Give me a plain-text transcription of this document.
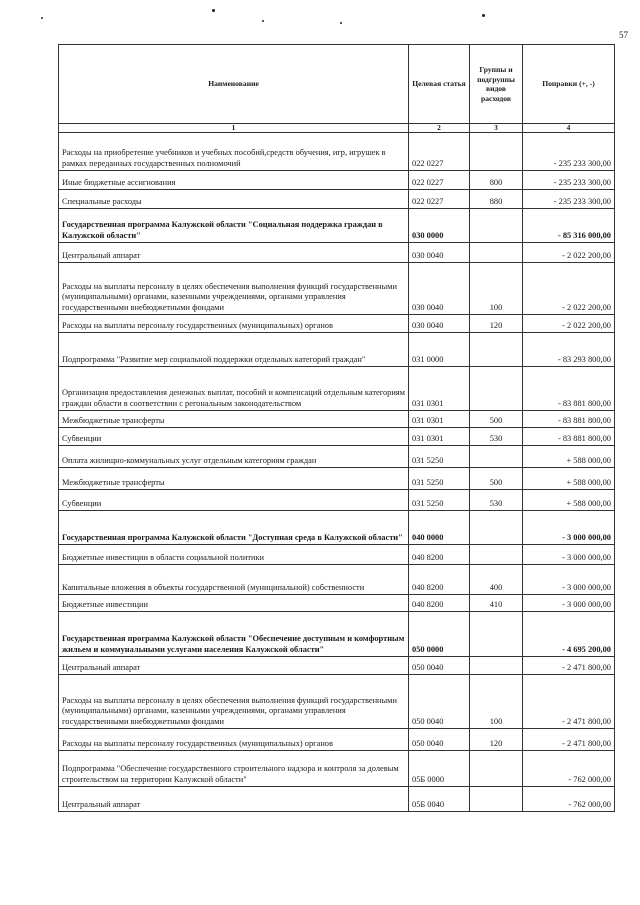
57
Наименование	Целевая статья	Группы и подгруппы видов расходов	Поправки (+, -)
1	2	3	4
Расходы на приобретение учебников и учебных пособий,средств обучения, игр, игрушек в рамках переданных государственных полномочий	022 0227		- 235 233 300,00
Иные бюджетные ассигнования	022 0227	800	- 235 233 300,00
Специальные расходы	022 0227	880	- 235 233 300,00
Государственная программа Калужской области "Социальная поддержка граждан в Калужской области"	030 0000		- 85 316 000,00
Центральный аппарат	030 0040		- 2 022 200,00
Расходы на выплаты персоналу в целях обеспечения выполнения функций государственными (муниципальными) органами, казенными учреждениями, органами управления государственными внебюджетными фондами	030 0040	100	- 2 022 200,00
Расходы на выплаты персоналу государственных (муниципальных) органов	030 0040	120	- 2 022 200,00
Подпрограмма "Развитие мер социальной поддержки отдельных категорий граждан"	031 0000		- 83 293 800,00
Организация предоставления денежных выплат, пособий и компенсаций отдельным категориям граждан области в соответствии с регональным законодательством	031 0301		- 83 881 800,00
Межбюджетные трансферты	031 0301	500	- 83 881 800,00
Субвенции	031 0301	530	- 83 881 800,00
Оплата жилищно-коммунальных услуг отдельным категориям граждан	031 5250		+ 588 000,00
Межбюджетные трансферты	031 5250	500	+ 588 000,00
Субвенции	031 5250	530	+ 588 000,00
Государственная программа Калужской области "Доступная среда в Калужской области"	040 0000		- 3 000 000,00
Бюджетные инвестиции в области социальной политики	040 8200		- 3 000 000,00
Капитальные вложения в объекты государственной (муниципальной) собственности	040 8200	400	- 3 000 000,00
Бюджетные инвестиции	040 8200	410	- 3 000 000,00
Государственная программа Калужской области "Обеспечение доступным и комфортным жильем и коммунальными услугами населения Калужской области"	050 0000		- 4 695 200,00
Центральный аппарат	050 0040		- 2 471 800,00
Расходы на выплаты персоналу в целях обеспечения выполнения функций государственными (муниципальными) органами, казенными учреждениями, органами управления государственными внебюджетными фондами	050 0040	100	- 2 471 800,00
Расходы на выплаты персоналу государственных (муниципальных) органов	050 0040	120	- 2 471 800,00
Подпрограмма "Обеспечение государственного строительного надзора и контроля за долевым строительством на территории Калужской области"	05Б 0000		- 762 000,00
Центральный аппарат	05Б 0040		- 762 000,00
